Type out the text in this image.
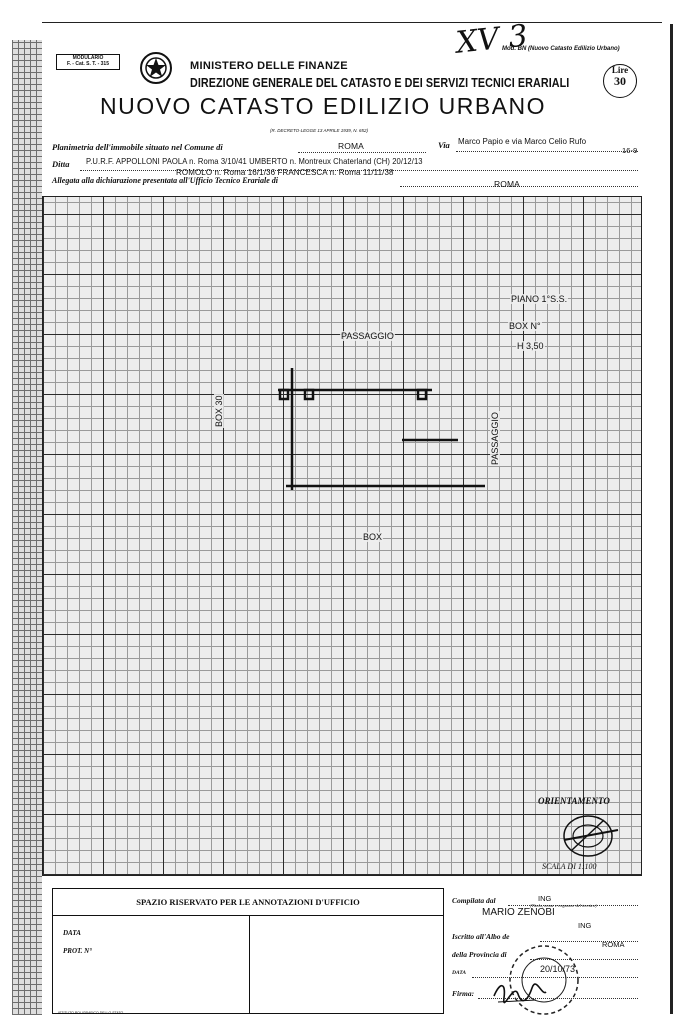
MODULARIO
F. - Cat. S. T. - 315	MINISTERO DELLE FINANZE
DIREZIONE GENERALE DEL CATASTO E DEI SERVIZI TECNICI ERARIALI
NUOVO CATASTO EDILIZIO URBANO
(R. DECRETO-LEGGE 13 APRILE 1939, N. 652)
Mod. BN (Nuovo Catasto Edilizio Urbano)
XV 3
Lire
30
Planimetria dell'immobile situato nel Comune di	ROMA	Via Marco Papio e via Marco Celio Rufo
16-9
Ditta P.U.R.F. APPOLLONI PAOLA n. Roma 3/10/41 UMBERTO n. Montreux Chaterland (CH) 20/12/13
ROMOLO n. Roma 16/1/36 FRANCESCA n. Roma 11/11/38
Allegata alla dichiarazione presentata all'Ufficio Tecnico Erariale di	ROMA
PASSAGGIO
PIANO 1°S.S.
BOX N°
H 3,50
BOX 30
PASSAGGIO
BOX
ORIENTAMENTO
SCALA DI 1:100
SPAZIO RISERVATO PER LE ANNOTAZIONI D'UFFICIO
DATA
PROT. N°
ISTITUTO POLIGRAFICO DELLO STATO
Compilata dal	ING
(Titolo, nome e cognome del tecnico)
MARIO ZENOBI
ING
Iscritto all'Albo de
ROMA
della Provincia di
DATA	20/10/73
Firma:
